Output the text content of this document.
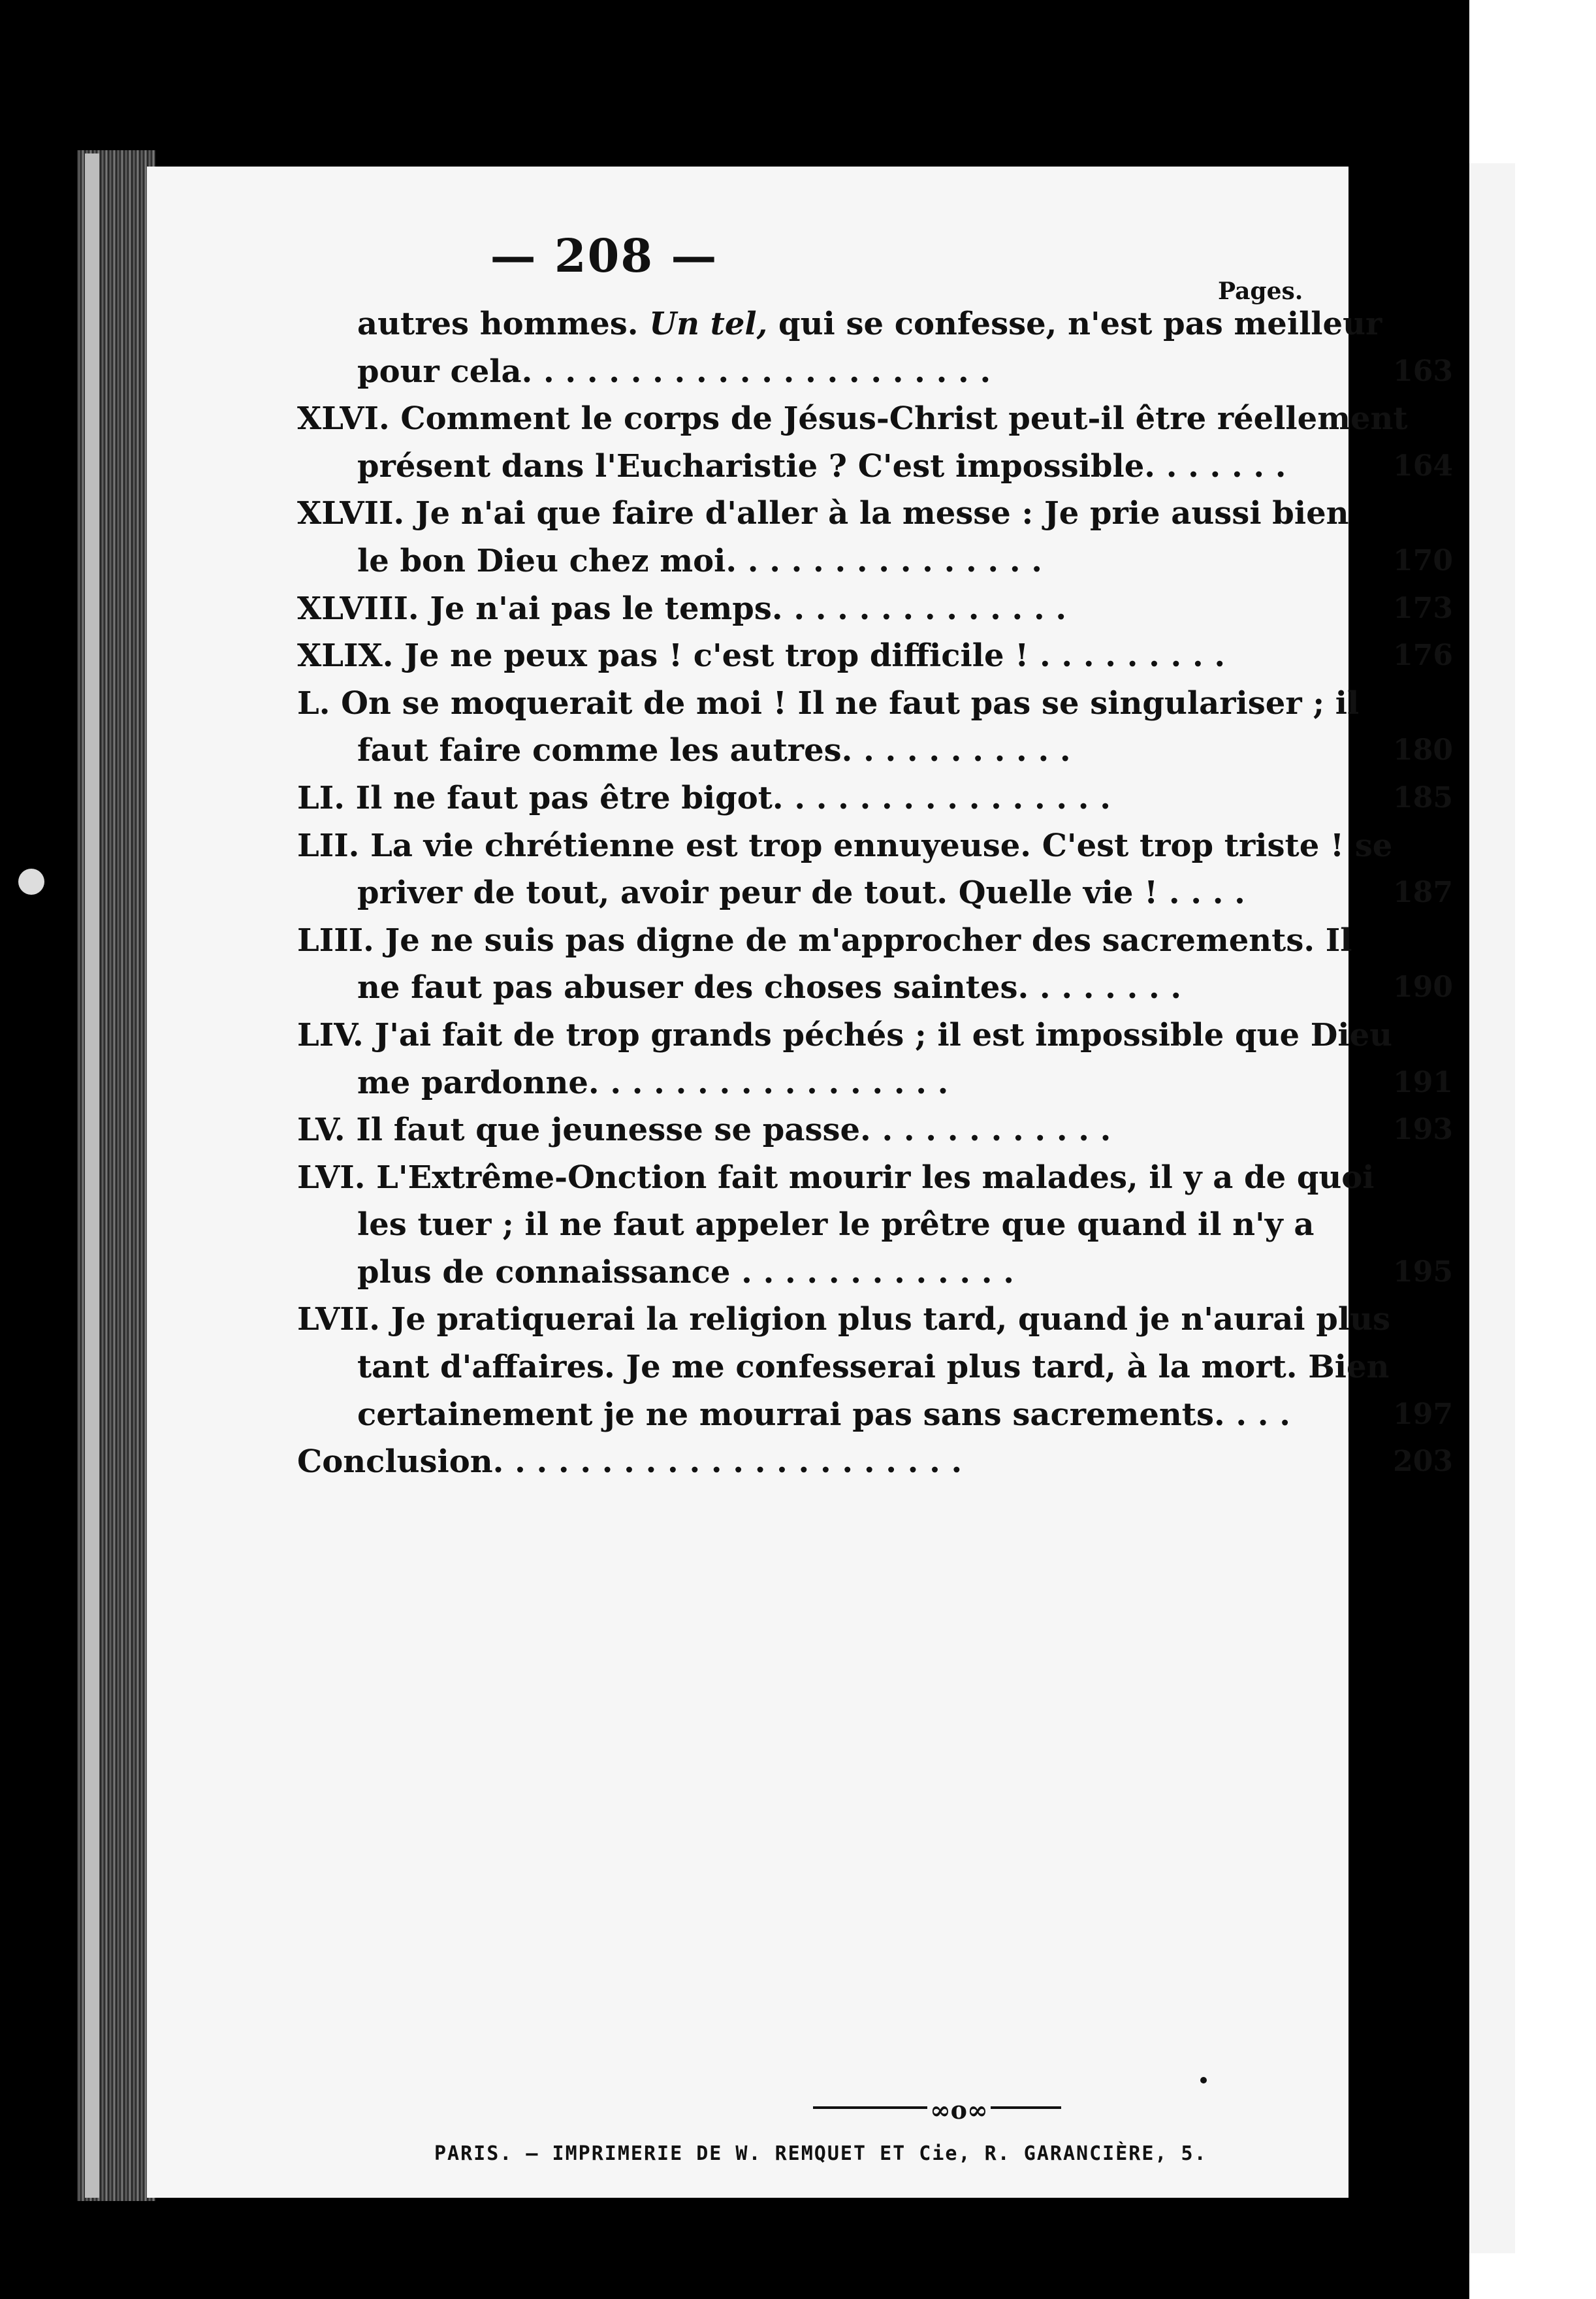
— 208 —
Pages.
autres hommes. Un tel, qui se confesse, n'est pas meilleur
pour cela. . . . . . . . . . . . . . . . . . . . . .	163
XLVI. Comment le corps de Jésus-Christ peut-il être réellement
présent dans l'Eucharistie ? C'est impossible. . . . . . .	164
XLVII. Je n'ai que faire d'aller à la messe : Je prie aussi bien
le bon Dieu chez moi. . . . . . . . . . . . . . .	170
XLVIII. Je n'ai pas le temps. . . . . . . . . . . . . .	173
XLIX. Je ne peux pas ! c'est trop difficile ! . . . . . . . . .	176
L. On se moquerait de moi ! Il ne faut pas se singulariser ; il
faut faire comme les autres. . . . . . . . . . .	180
LI. Il ne faut pas être bigot. . . . . . . . . . . . . . . .	185
LII. La vie chrétienne est trop ennuyeuse. C'est trop triste ! se
priver de tout, avoir peur de tout. Quelle vie ! . . . .	187
LIII. Je ne suis pas digne de m'approcher des sacrements. Il
ne faut pas abuser des choses saintes. . . . . . . .	190
LIV. J'ai fait de trop grands péchés ; il est impossible que Dieu
me pardonne. . . . . . . . . . . . . . . . .	191
LV. Il faut que jeunesse se passe. . . . . . . . . . . .	193
LVI. L'Extrême-Onction fait mourir les malades, il y a de quoi
les tuer ; il ne faut appeler le prêtre que quand il n'y a
plus de connaissance . . . . . . . . . . . . .	195
LVII. Je pratiquerai la religion plus tard, quand je n'aurai plus
tant d'affaires. Je me confesserai plus tard, à la mort. Bien
certainement je ne mourrai pas sans sacrements. . . .	197
Conclusion. . . . . . . . . . . . . . . . . . . . . .	203
∞o∞
PARIS. — IMPRIMERIE DE W. REMQUET ET Cie, R. GARANCIÈRE, 5.
